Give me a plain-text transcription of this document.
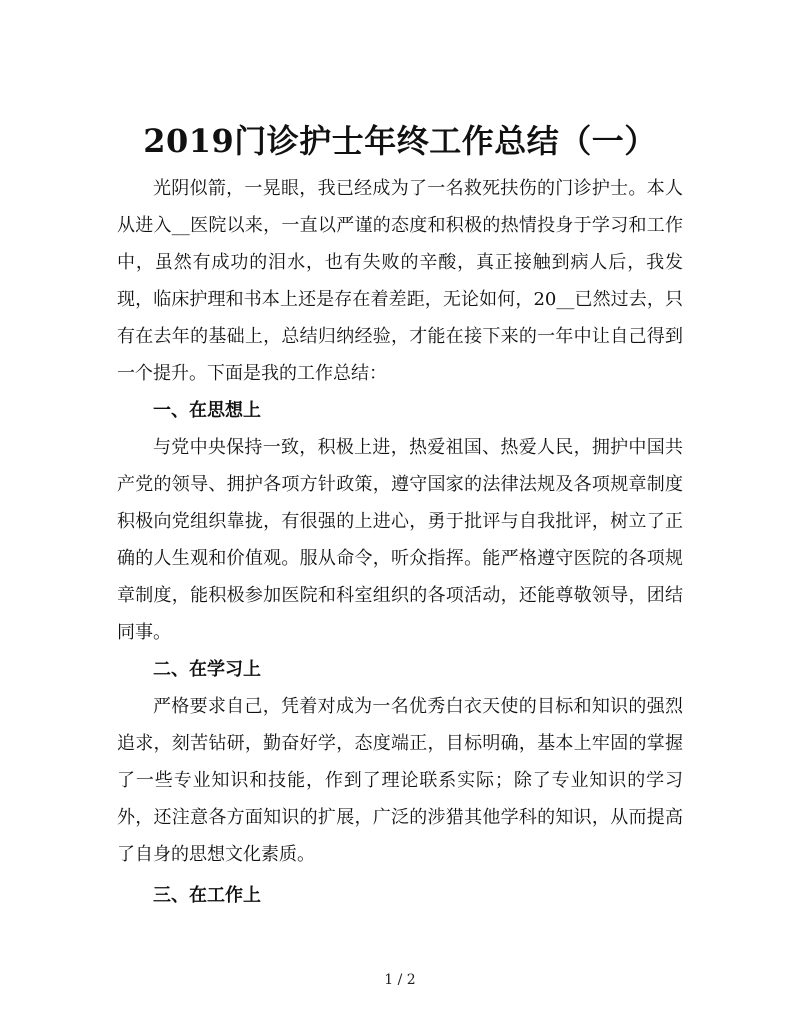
2019门诊护士年终工作总结（一）

光阴似箭，一晃眼，我已经成为了一名救死扶伤的门诊护士。本人从进入__医院以来，一直以严谨的态度和积极的热情投身于学习和工作中，虽然有成功的泪水，也有失败的辛酸，真正接触到病人后，我发现，临床护理和书本上还是存在着差距，无论如何，20__已然过去，只有在去年的基础上，总结归纳经验，才能在接下来的一年中让自己得到一个提升。下面是我的工作总结：

一、在思想上

与党中央保持一致，积极上进，热爱祖国、热爱人民，拥护中国共产党的领导、拥护各项方针政策，遵守国家的法律法规及各项规章制度积极向党组织靠拢，有很强的上进心，勇于批评与自我批评，树立了正确的人生观和价值观。服从命令，听众指挥。能严格遵守医院的各项规章制度，能积极参加医院和科室组织的各项活动，还能尊敬领导，团结同事。

二、在学习上

严格要求自己，凭着对成为一名优秀白衣天使的目标和知识的强烈追求，刻苦钻研，勤奋好学，态度端正，目标明确，基本上牢固的掌握了一些专业知识和技能，作到了理论联系实际；除了专业知识的学习外，还注意各方面知识的扩展，广泛的涉猎其他学科的知识，从而提高了自身的思想文化素质。

三、在工作上
1 / 2
